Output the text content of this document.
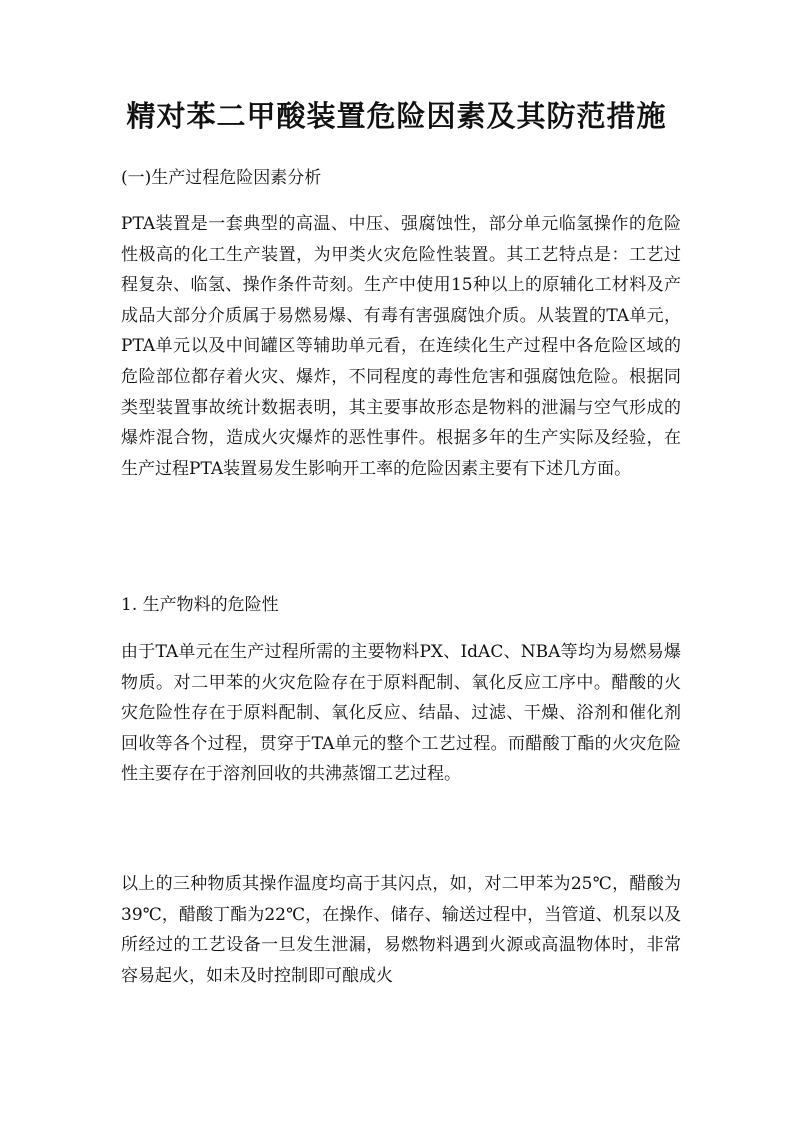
精对苯二甲酸装置危险因素及其防范措施

(一)生产过程危险因素分析

PTA装置是一套典型的高温、中压、强腐蚀性，部分单元临氢操作的危险性极高的化工生产装置，为甲类火灾危险性装置。其工艺特点是：工艺过程复杂、临氢、操作条件苛刻。生产中使用15种以上的原辅化工材料及产成品大部分介质属于易燃易爆、有毒有害强腐蚀介质。从装置的TA单元，PTA单元以及中间罐区等辅助单元看，在连续化生产过程中各危险区域的危险部位都存着火灾、爆炸，不同程度的毒性危害和强腐蚀危险。根据同类型装置事故统计数据表明，其主要事故形态是物料的泄漏与空气形成的爆炸混合物，造成火灾爆炸的恶性事件。根据多年的生产实际及经验，在生产过程PTA装置易发生影响开工率的危险因素主要有下述几方面。

1. 生产物料的危险性

由于TA单元在生产过程所需的主要物料PX、IdAC、NBA等均为易燃易爆物质。对二甲苯的火灾危险存在于原料配制、氧化反应工序中。醋酸的火灾危险性存在于原料配制、氧化反应、结晶、过滤、干燥、浴剂和催化剂回收等各个过程，贯穿于TA单元的整个工艺过程。而醋酸丁酯的火灾危险性主要存在于溶剂回收的共沸蒸馏工艺过程。

以上的三种物质其操作温度均高于其闪点，如，对二甲苯为25℃，醋酸为39℃，醋酸丁酯为22℃，在操作、储存、输送过程中，当管道、机泵以及所经过的工艺设备一旦发生泄漏，易燃物料遇到火源或高温物体时，非常容易起火，如未及时控制即可酿成火
